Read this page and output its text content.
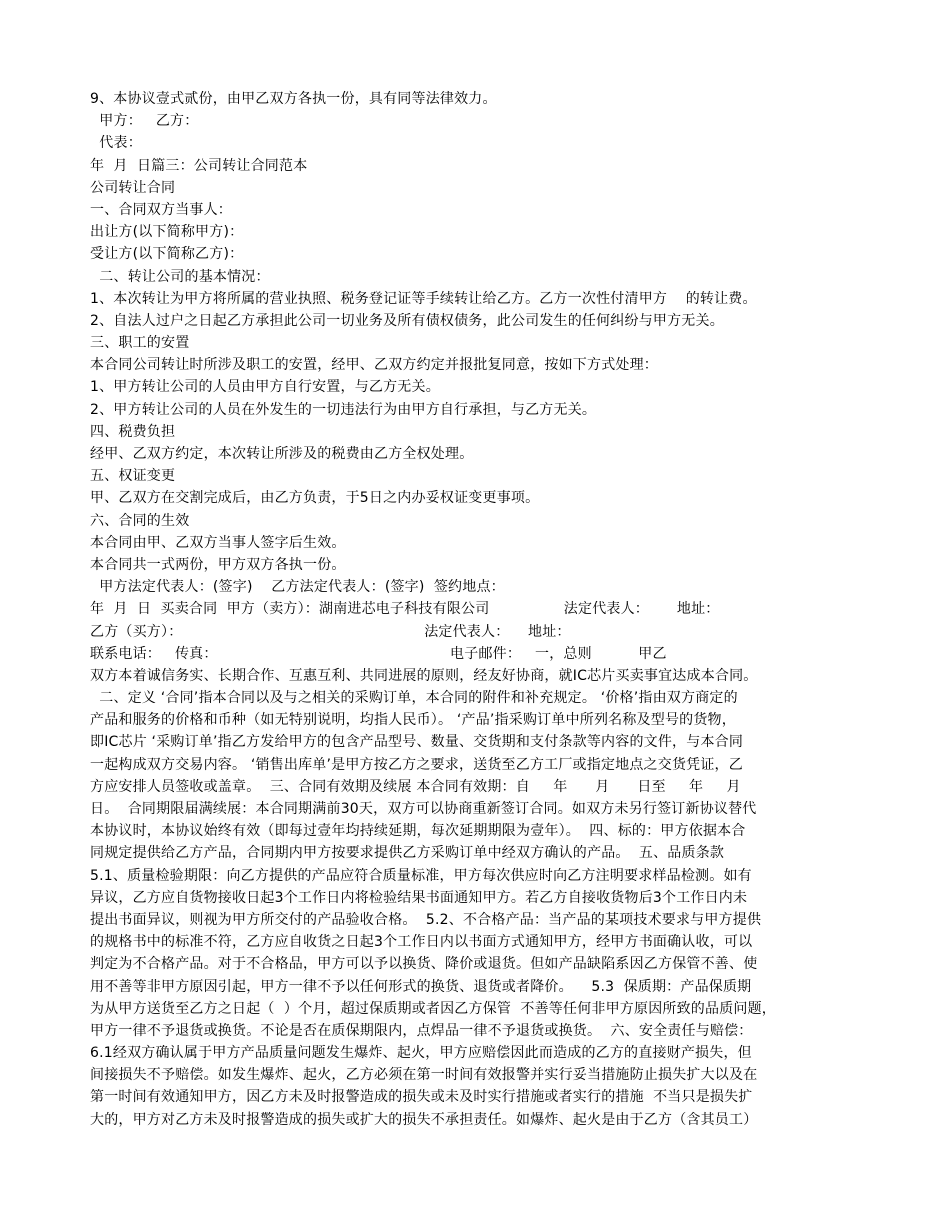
9、本协议壹式贰份，由甲乙双方各执一份，具有同等法律效力。
甲方：   乙方：
代表：
年  月  日篇三：公司转让合同范本
公司转让合同
一、合同双方当事人：
出让方(以下简称甲方)：
受让方(以下简称乙方)：
二、转让公司的基本情况：
1、本次转让为甲方将所属的营业执照、税务登记证等手续转让给乙方。乙方一次性付清甲方    的转让费。
2、自法人过户之日起乙方承担此公司一切业务及所有债权债务，此公司发生的任何纠纷与甲方无关。
三、职工的安置
本合同公司转让时所涉及职工的安置，经甲、乙双方约定并报批复同意，按如下方式处理：
1、甲方转让公司的人员由甲方自行安置，与乙方无关。
2、甲方转让公司的人员在外发生的一切违法行为由甲方自行承担，与乙方无关。
四、税费负担
经甲、乙双方约定，本次转让所涉及的税费由乙方全权处理。
五、权证变更
甲、乙双方在交割完成后，由乙方负责，于5日之内办妥权证变更事项。
六、合同的生效
本合同由甲、乙双方当事人签字后生效。
本合同共一式两份，甲方双方各执一份。
甲方法定代表人：(签字)    乙方法定代表人：(签字)  签约地点：
年  月  日  买卖合同  甲方（卖方）：湖南进芯电子科技有限公司                法定代表人：      地址：
乙方（买方）：                                                    法定代表人：    地址：
联系电话：   传真：                                                  电子邮件：   一，总则          甲乙
双方本着诚信务实、长期合作、互惠互利、共同进展的原则，经友好协商，就IC芯片买卖事宜达成本合同。
二、定义 ‘合同’指本合同以及与之相关的采购订单，本合同的附件和补充规定。 ‘价格’指由双方商定的
产品和服务的价格和币种（如无特别说明，均指人民币）。 ‘产品’指采购订单中所列名称及型号的货物，
即IC芯片 ‘采购订单’指乙方发给甲方的包含产品型号、数量、交货期和支付条款等内容的文件，与本合同
一起构成双方交易内容。 ‘销售出库单’是甲方按乙方之要求，送货至乙方工厂或指定地点之交货凭证，乙
方应安排人员签收或盖章。  三、合同有效期及续展 本合同有效期：自     年      月      日至     年     月
日。  合同期限届满续展：本合同期满前30天，双方可以协商重新签订合同。如双方未另行签订新协议替代
本协议时，本协议始终有效（即每过壹年均持续延期，每次延期期限为壹年）。  四、标的：甲方依据本合
同规定提供给乙方产品，合同期内甲方按要求提供乙方采购订单中经双方确认的产品。  五、品质条款
5.1、质量检验期限：向乙方提供的产品应符合质量标准，甲方每次供应时向乙方注明要求样品检测。如有
异议，乙方应自货物接收日起3个工作日内将检验结果书面通知甲方。若乙方自接收货物后3个工作日内未
提出书面异议，则视为甲方所交付的产品验收合格。  5.2、不合格产品：当产品的某项技术要求与甲方提供
的规格书中的标准不符，乙方应自收货之日起3个工作日内以书面方式通知甲方，经甲方书面确认收，可以
判定为不合格产品。对于不合格品，甲方可以予以换货、降价或退货。但如产品缺陷系因乙方保管不善、使
用不善等非甲方原因引起，甲方一律不予以任何形式的换货、退货或者降价。    5.3  保质期：产品保质期
为从甲方送货至乙方之日起（  ）个月，超过保质期或者因乙方保管  不善等任何非甲方原因所致的品质问题，
甲方一律不予退货或换货。不论是否在质保期限内，点焊品一律不予退货或换货。  六、安全责任与赔偿：
6.1经双方确认属于甲方产品质量问题发生爆炸、起火，甲方应赔偿因此而造成的乙方的直接财产损失，但
间接损失不予赔偿。如发生爆炸、起火，乙方必须在第一时间有效报警并实行妥当措施防止损失扩大以及在
第一时间有效通知甲方，因乙方未及时报警造成的损失或未及时实行措施或者实行的措施  不当只是损失扩
大的，甲方对乙方未及时报警造成的损失或扩大的损失不承担责任。如爆炸、起火是由于乙方（含其员工）
